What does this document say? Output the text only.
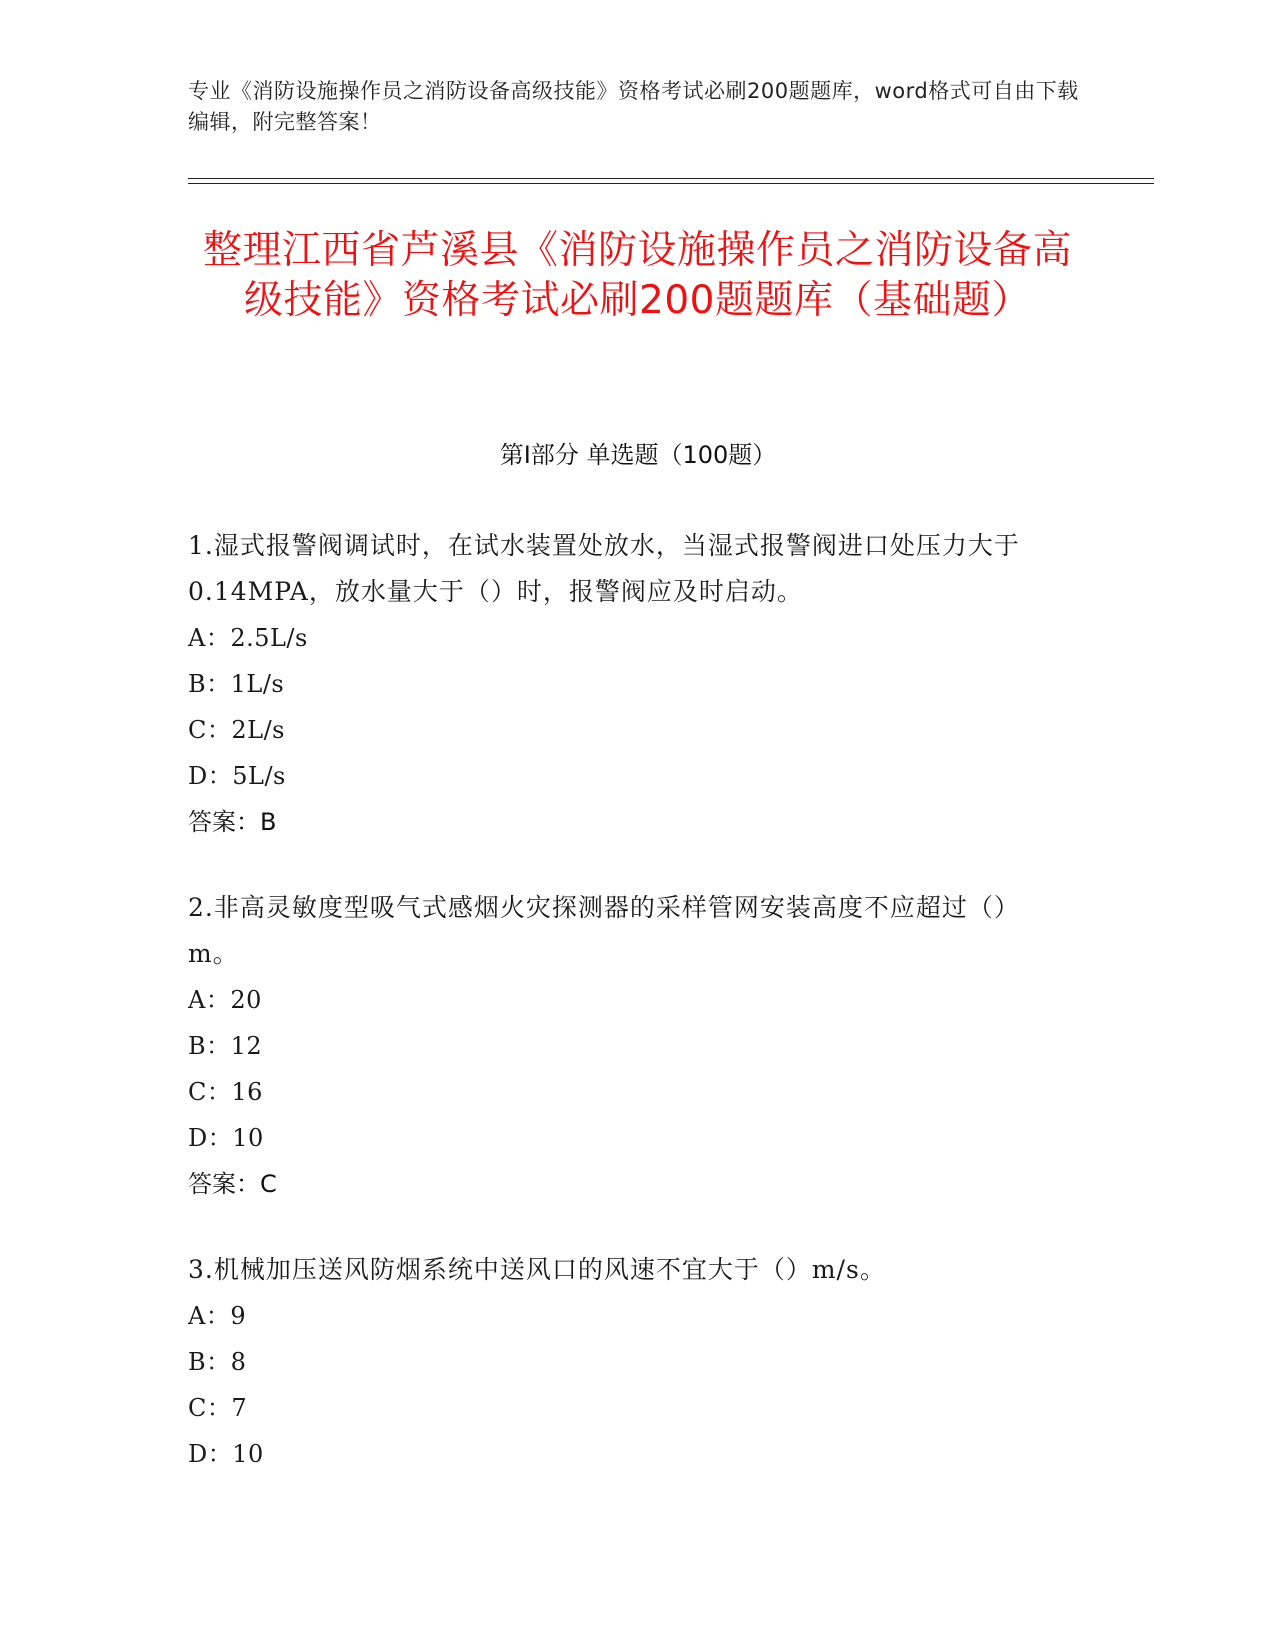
专业《消防设施操作员之消防设备高级技能》资格考试必刷200题题库，word格式可自由下载编辑，附完整答案！
整理江西省芦溪县《消防设施操作员之消防设备高级技能》资格考试必刷200题题库（基础题）
第I部分 单选题（100题）
1.湿式报警阀调试时，在试水装置处放水，当湿式报警阀进口处压力大于0.14MPA，放水量大于（）时，报警阀应及时启动。
A：2.5L/s
B：1L/s
C：2L/s
D：5L/s
答案：B
2.非高灵敏度型吸气式感烟火灾探测器的采样管网安装高度不应超过（）m。
A：20
B：12
C：16
D：10
答案：C
3.机械加压送风防烟系统中送风口的风速不宜大于（）m/s。
A：9
B：8
C：7
D：10
